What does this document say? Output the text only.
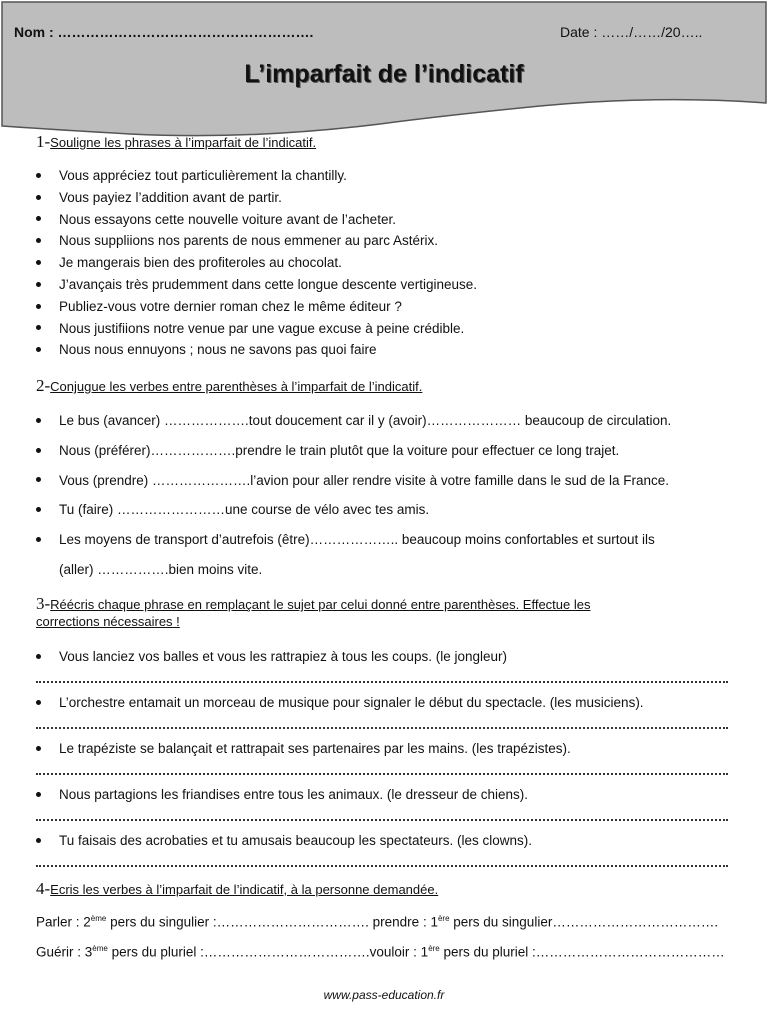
Nom : ……………………………………………….	Date : ……/……/20…..
L’imparfait de l’indicatif
1-Souligne les phrases à l’imparfait de l’indicatif.
Vous appréciez tout particulièrement la chantilly.
Vous payiez l’addition avant de partir.
Nous essayons cette nouvelle voiture avant de l’acheter.
Nous suppliions nos parents de nous emmener au parc Astérix.
Je mangerais bien des profiteroles au chocolat.
J’avançais très prudemment dans cette longue descente vertigineuse.
Publiez-vous votre dernier roman chez le même éditeur ?
Nous justifiions notre venue par une vague excuse à peine crédible.
Nous nous ennuyons ; nous ne savons pas quoi faire
2-Conjugue les verbes entre parenthèses à l’imparfait de l’indicatif.
Le bus (avancer) ……………….tout doucement car il y (avoir)………………… beaucoup de circulation.
Nous (préférer)……………….prendre le train plutôt que la voiture pour effectuer ce long trajet.
Vous (prendre) ………………….l’avion pour aller rendre visite à votre famille dans le sud de la France.
Tu (faire) ……………………une course de vélo avec tes amis.
Les moyens de transport d’autrefois (être)……………….. beaucoup moins confortables et surtout ils
(aller) …………….bien moins vite.
3-Réécris chaque phrase en remplaçant le sujet par celui donné entre parenthèses. Effectue les
corrections nécessaires !
Vous lanciez vos balles et vous les rattrapiez à tous les coups. (le jongleur)
L’orchestre entamait un morceau de musique pour signaler le début du spectacle. (les musiciens).
Le trapéziste se balançait et rattrapait ses partenaires par les mains. (les trapézistes).
Nous partagions les friandises entre tous les animaux. (le dresseur de chiens).
Tu faisais des acrobaties et tu amusais beaucoup les spectateurs. (les clowns).
4-Ecris les verbes à l’imparfait de l’indicatif, à la personne demandée.
Parler : 2ème pers du singulier :……………………………. prendre : 1ère pers du singulier……………………………….
Guérir : 3ème pers du pluriel :……………………………….vouloir : 1ère pers du pluriel :……………………………………
www.pass-education.fr
